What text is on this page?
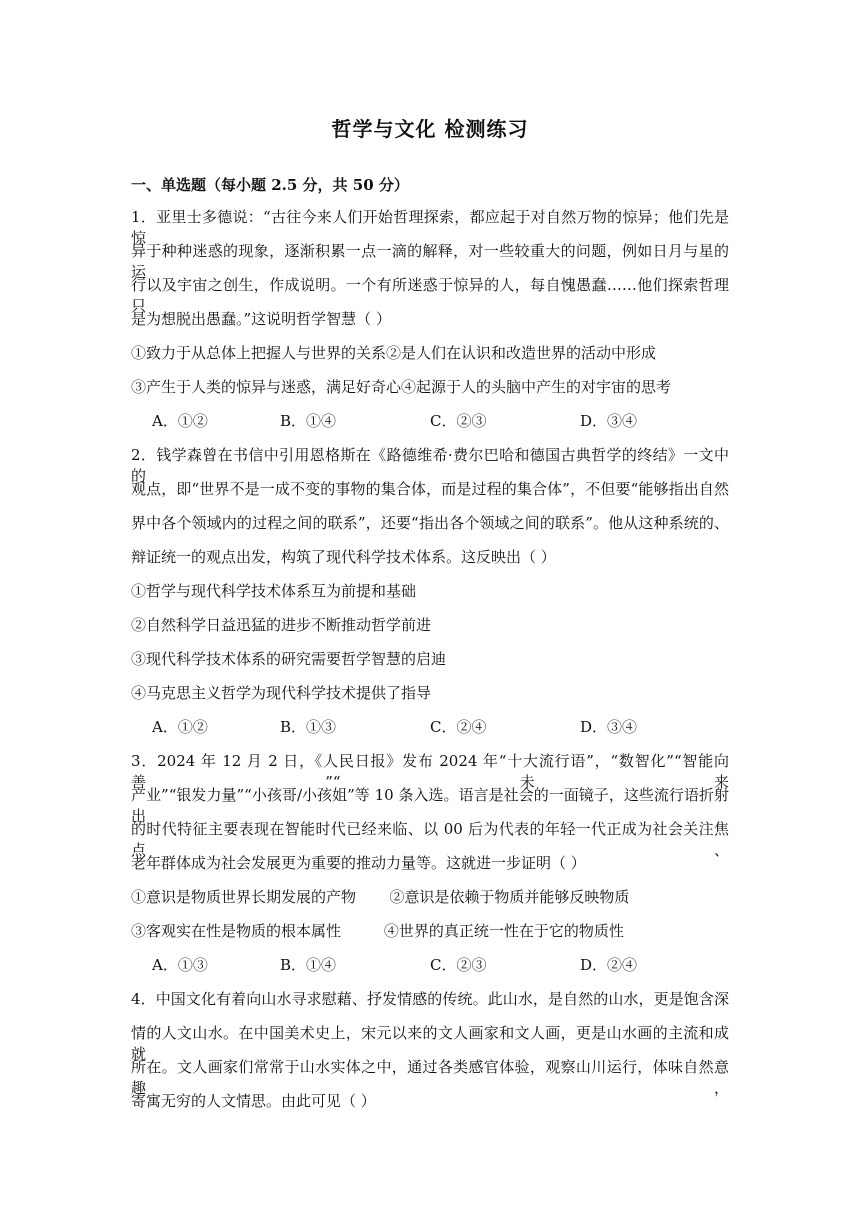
哲学与文化 检测练习
一、单选题（每小题 2.5 分，共 50 分）
1．亚里士多德说：“古往今来人们开始哲理探索，都应起于对自然万物的惊异；他们先是惊
异于种种迷惑的现象，逐渐积累一点一滴的解释，对一些较重大的问题，例如日月与星的运
行以及宇宙之创生，作成说明。一个有所迷惑于惊异的人，每自愧愚蠢……他们探索哲理只
是为想脱出愚蠢。”这说明哲学智慧（ ）
①致力于从总体上把握人与世界的关系②是人们在认识和改造世界的活动中形成
③产生于人类的惊异与迷惑，满足好奇心④起源于人的头脑中产生的对宇宙的思考
A．①②	B．①④	C．②③	D．③④
2．钱学森曾在书信中引用恩格斯在《路德维希·费尔巴哈和德国古典哲学的终结》一文中的
观点，即“世界不是一成不变的事物的集合体，而是过程的集合体”，不但要“能够指出自然
界中各个领域内的过程之间的联系”，还要“指出各个领域之间的联系”。他从这种系统的、
辩证统一的观点出发，构筑了现代科学技术体系。这反映出（ ）
①哲学与现代科学技术体系互为前提和基础
②自然科学日益迅猛的进步不断推动哲学前进
③现代科学技术体系的研究需要哲学智慧的启迪
④马克思主义哲学为现代科学技术提供了指导
A．①②	B．①③	C．②④	D．③④
3．2024 年 12 月 2 日，《人民日报》发布 2024 年“十大流行语”，“数智化”“智能向善”“未来
产业”“银发力量”“小孩哥/小孩姐”等 10 条入选。语言是社会的一面镜子，这些流行语折射出
的时代特征主要表现在智能时代已经来临、以 00 后为代表的年轻一代正成为社会关注焦点、
老年群体成为社会发展更为重要的推动力量等。这就进一步证明（ ）
①意识是物质世界长期发展的产物       ②意识是依赖于物质并能够反映物质
③客观实在性是物质的根本属性         ④世界的真正统一性在于它的物质性
A．①③	B．①④	C．②③	D．②④
4．中国文化有着向山水寻求慰藉、抒发情感的传统。此山水，是自然的山水，更是饱含深
情的人文山水。在中国美术史上，宋元以来的文人画家和文人画，更是山水画的主流和成就
所在。文人画家们常常于山水实体之中，通过各类感官体验，观察山川运行，体味自然意趣，
寄寓无穷的人文情思。由此可见（ ）
